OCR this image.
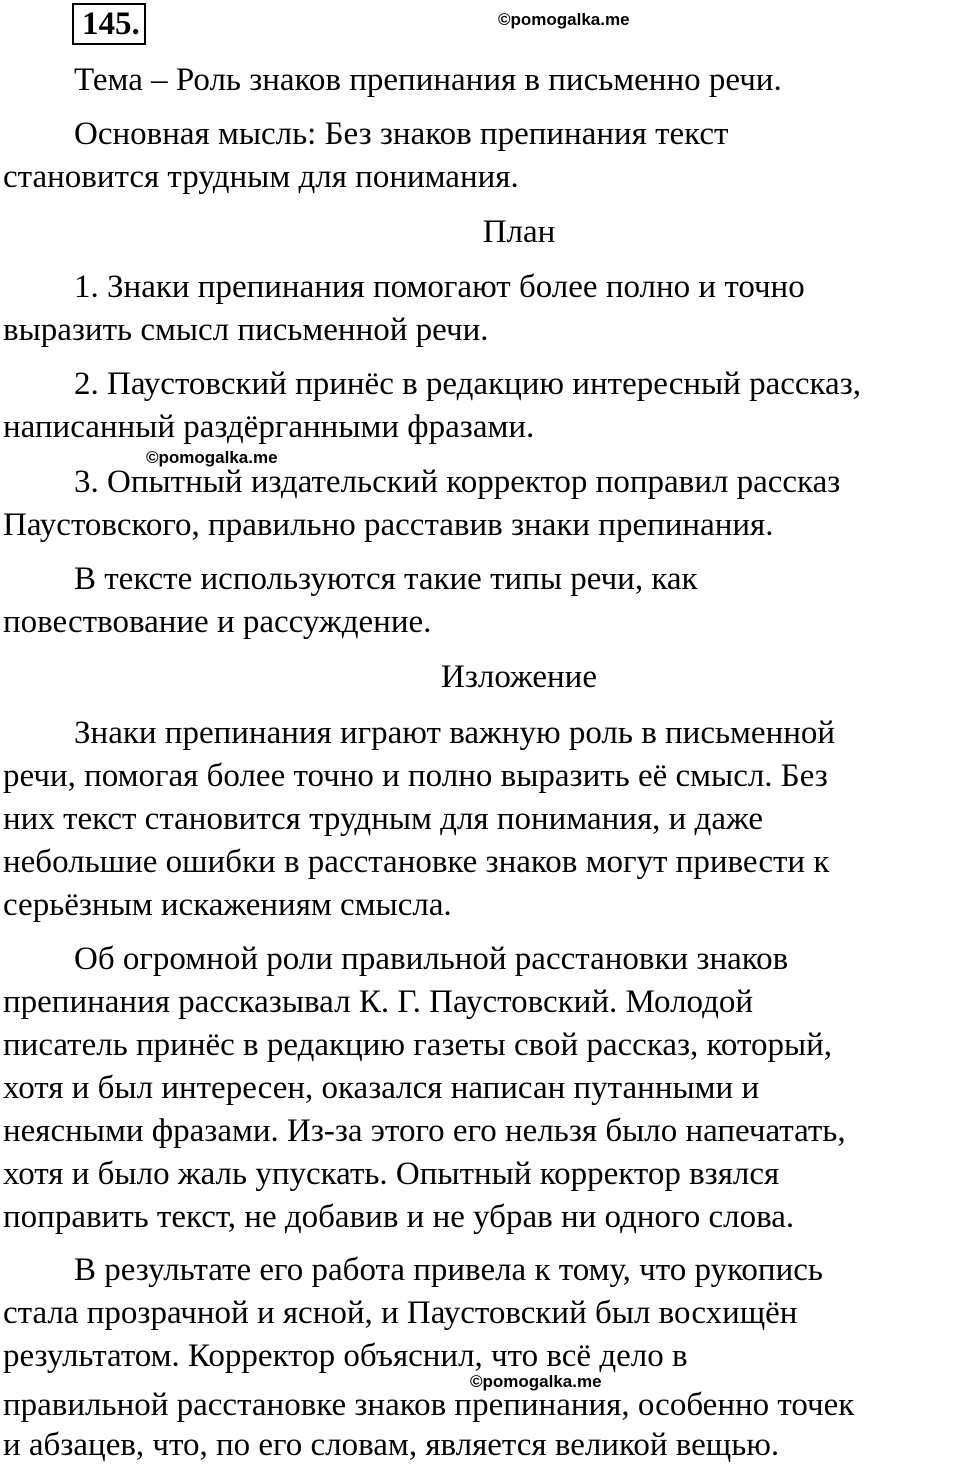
145.	©pomogalka.me
Тема – Роль знаков препинания в письменно речи.
Основная мысль: Без знаков препинания текст
становится трудным для понимания.
План
1. Знаки препинания помогают более полно и точно
выразить смысл письменной речи.
2. Паустовский принёс в редакцию интересный рассказ,
написанный раздёрганными фразами.
©pomogalka.me
3. Опытный издательский корректор поправил рассказ
Паустовского, правильно расставив знаки препинания.
В тексте используются такие типы речи, как
повествование и рассуждение.
Изложение
Знаки препинания играют важную роль в письменной
речи, помогая более точно и полно выразить её смысл. Без
них текст становится трудным для понимания, и даже
небольшие ошибки в расстановке знаков могут привести к
серьёзным искажениям смысла.
Об огромной роли правильной расстановки знаков
препинания рассказывал К. Г. Паустовский. Молодой
писатель принёс в редакцию газеты свой рассказ, который,
хотя и был интересен, оказался написан путанными и
неясными фразами. Из-за этого его нельзя было напечатать,
хотя и было жаль упускать. Опытный корректор взялся
поправить текст, не добавив и не убрав ни одного слова.
В результате его работа привела к тому, что рукопись
стала прозрачной и ясной, и Паустовский был восхищён
результатом. Корректор объяснил, что всё дело в
©pomogalka.me
правильной расстановке знаков препинания, особенно точек
и абзацев, что, по его словам, является великой вещью.
